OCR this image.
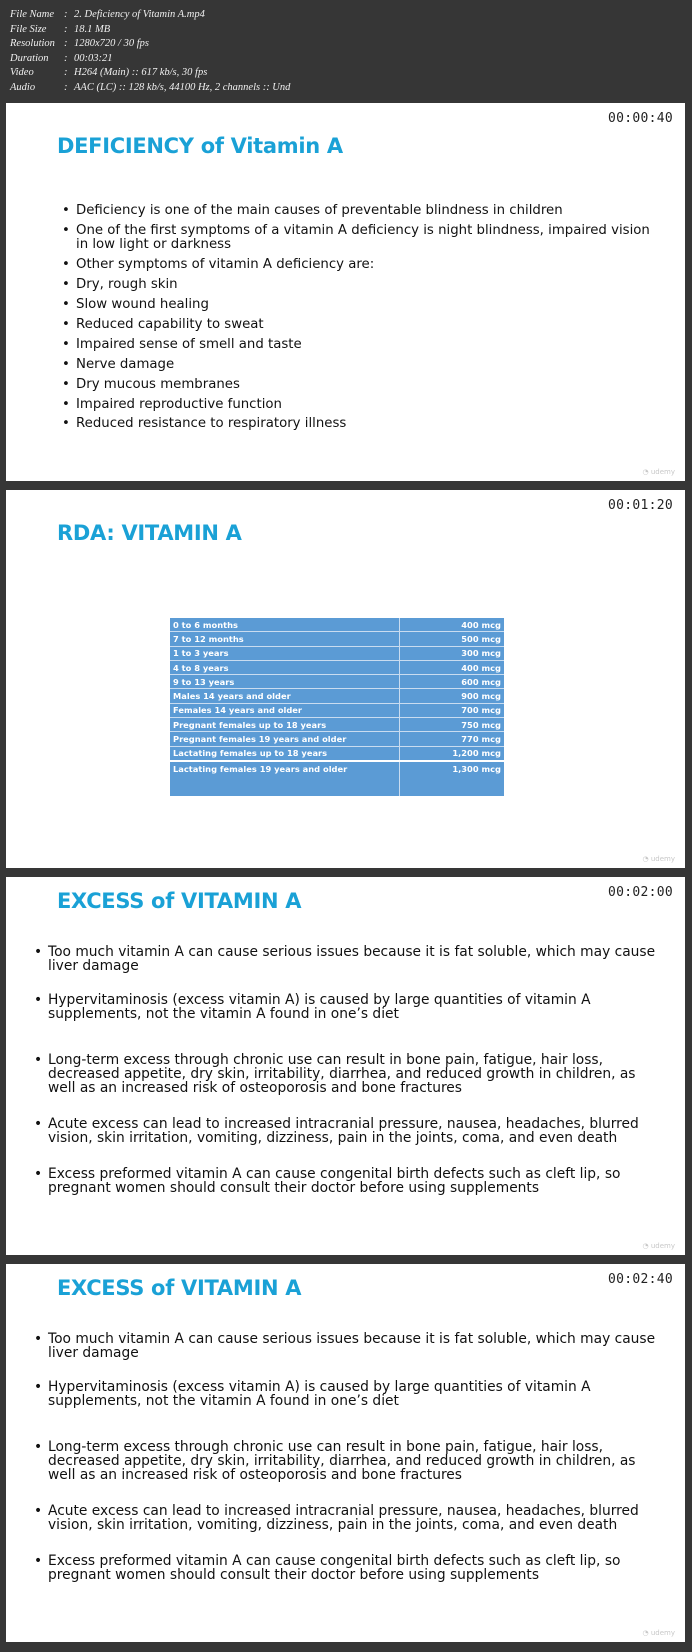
File Name : 2. Deficiency of Vitamin A.mp4
File Size	: 18.1 MB
Resolution : 1280x720 / 30 fps
Duration	: 00:03:21
Video	: H264 (Main) :: 617 kb/s, 30 fps
Audio	: AAC (LC) :: 128 kb/s, 44100 Hz, 2 channels :: Und
00:00:40
DEFICIENCY of Vitamin A
• Deficiency is one of the main causes of preventable blindness in children
• One of the first symptoms of a vitamin A deficiency is night blindness, impaired vision in low light or darkness
• Other symptoms of vitamin A deficiency are:
• Dry, rough skin
• Slow wound healing
• Reduced capability to sweat
• Impaired sense of smell and taste
• Nerve damage
• Dry mucous membranes
• Impaired reproductive function
• Reduced resistance to respiratory illness
◔ udemy
00:01:20
RDA: VITAMIN A
0 to 6 months	400 mcg
7 to 12 months	500 mcg
1 to 3 years	300 mcg
4 to 8 years	400 mcg
9 to 13 years	600 mcg
Males 14 years and older	900 mcg
Females 14 years and older	700 mcg
Pregnant females up to 18 years	750 mcg
Pregnant females 19 years and older	770 mcg
Lactating females up to 18 years	1,200 mcg
Lactating females 19 years and older	1,300 mcg

◔ udemy
00:02:00
EXCESS of VITAMIN A
• Too much vitamin A can cause serious issues because it is fat soluble, which may cause liver damage
• Hypervitaminosis (excess vitamin A) is caused by large quantities of vitamin A supplements, not the vitamin A found in one’s diet
• Long-term excess through chronic use can result in bone pain, fatigue, hair loss, decreased appetite, dry skin, irritability, diarrhea, and reduced growth in children, as well as an increased risk of osteoporosis and bone fractures
• Acute excess can lead to increased intracranial pressure, nausea, headaches, blurred vision, skin irritation, vomiting, dizziness, pain in the joints, coma, and even death
• Excess preformed vitamin A can cause congenital birth defects such as cleft lip, so pregnant women should consult their doctor before using supplements
◔ udemy
00:02:40
EXCESS of VITAMIN A
• Too much vitamin A can cause serious issues because it is fat soluble, which may cause liver damage
• Hypervitaminosis (excess vitamin A) is caused by large quantities of vitamin A supplements, not the vitamin A found in one’s diet
• Long-term excess through chronic use can result in bone pain, fatigue, hair loss, decreased appetite, dry skin, irritability, diarrhea, and reduced growth in children, as well as an increased risk of osteoporosis and bone fractures
• Acute excess can lead to increased intracranial pressure, nausea, headaches, blurred vision, skin irritation, vomiting, dizziness, pain in the joints, coma, and even death
• Excess preformed vitamin A can cause congenital birth defects such as cleft lip, so pregnant women should consult their doctor before using supplements
◔ udemy
